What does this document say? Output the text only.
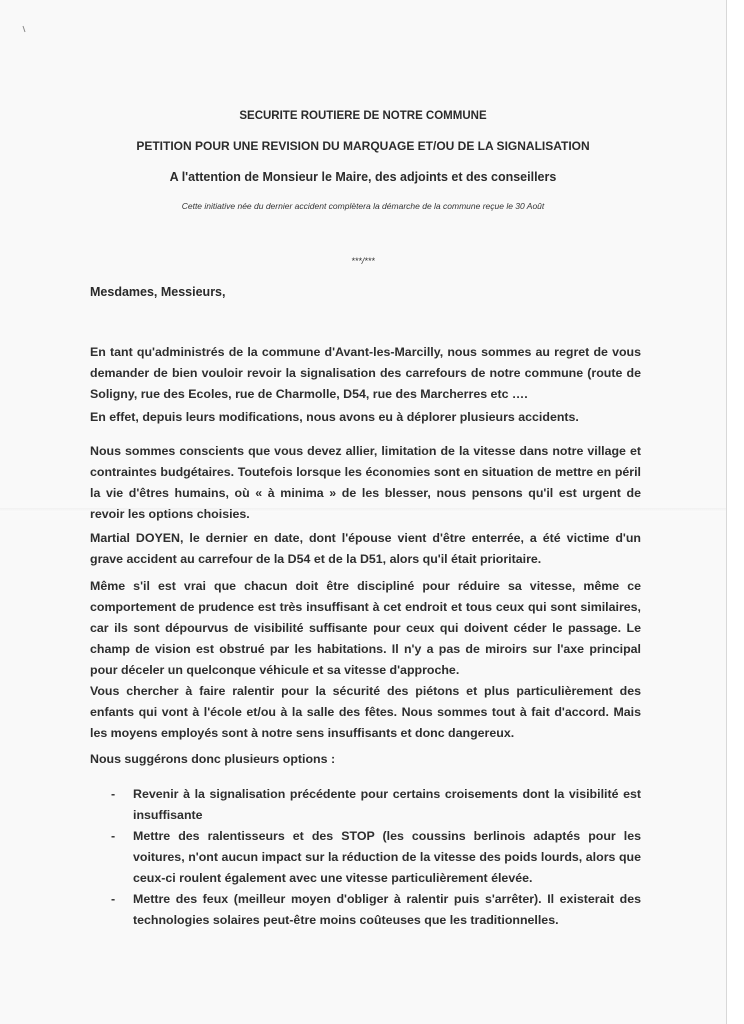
SECURITE ROUTIERE DE NOTRE COMMUNE
PETITION POUR UNE REVISION DU MARQUAGE ET/OU DE LA SIGNALISATION
A l'attention de Monsieur le Maire, des adjoints et des conseillers
Cette initiative née du dernier accident complètera la démarche de la commune reçue le 30 Août
***/***
Mesdames, Messieurs,

En tant qu'administrés de la commune d'Avant-les-Marcilly, nous sommes au regret de vous demander de bien vouloir revoir la signalisation des carrefours de notre commune (route de Soligny, rue des Ecoles, rue de Charmolle, D54, rue des Marcherres etc ….

En effet, depuis leurs modifications, nous avons eu à déplorer plusieurs accidents.

Nous sommes conscients que vous devez allier, limitation de la vitesse dans notre village et contraintes budgétaires. Toutefois lorsque les économies sont en situation de mettre en péril la vie d'êtres humains, où « à minima » de les blesser, nous pensons qu'il est urgent de revoir les options choisies.

Martial DOYEN, le dernier en date, dont l'épouse vient d'être enterrée, a été victime d'un grave accident au carrefour de la D54 et de la D51, alors qu'il était prioritaire.

Même s'il est vrai que chacun doit être discipliné pour réduire sa vitesse, même ce comportement de prudence est très insuffisant à cet endroit et tous ceux qui sont similaires, car ils sont dépourvus de visibilité suffisante pour ceux qui doivent céder le passage. Le champ de vision est obstrué par les habitations. Il n'y a pas de miroirs sur l'axe principal pour déceler un quelconque véhicule et sa vitesse d'approche.

Vous chercher à faire ralentir pour la sécurité des piétons et plus particulièrement des enfants qui vont à l'école et/ou à la salle des fêtes. Nous sommes tout à fait d'accord. Mais les moyens employés sont à notre sens insuffisants et donc dangereux.

Nous suggérons donc plusieurs options :

- Revenir à la signalisation précédente pour certains croisements dont la visibilité est insuffisante
- Mettre des ralentisseurs et des STOP (les coussins berlinois adaptés pour les voitures, n'ont aucun impact sur la réduction de la vitesse des poids lourds, alors que ceux-ci roulent également avec une vitesse particulièrement élevée.
- Mettre des feux (meilleur moyen d'obliger à ralentir puis s'arrêter). Il existerait des technologies solaires peut-être moins coûteuses que les traditionnelles.
